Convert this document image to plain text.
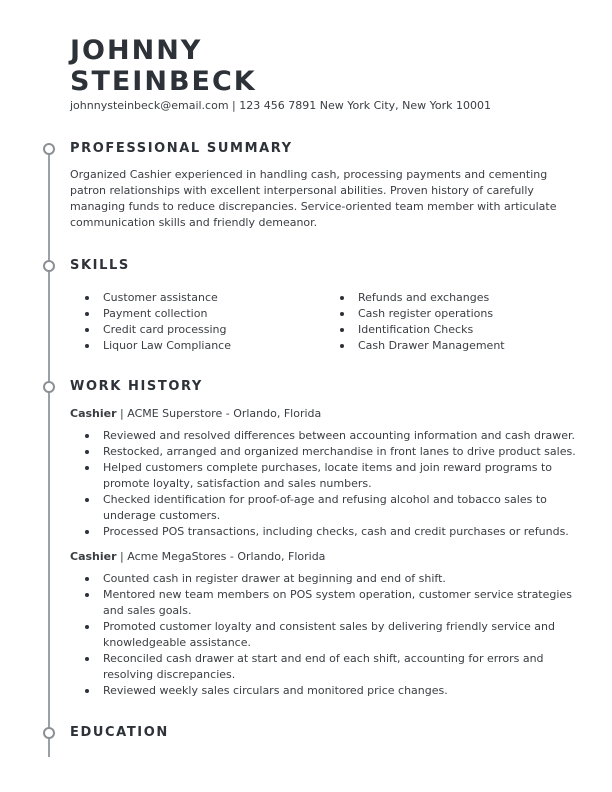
JOHNNY
STEINBECK
johnnysteinbeck@email.com | 123 456 7891 New York City, New York 10001
PROFESSIONAL SUMMARY
Organized Cashier experienced in handling cash, processing payments and cementing patron relationships with excellent interpersonal abilities. Proven history of carefully managing funds to reduce discrepancies. Service-oriented team member with articulate communication skills and friendly demeanor.
SKILLS
Customer assistance
Payment collection
Credit card processing
Liquor Law Compliance
Refunds and exchanges
Cash register operations
Identification Checks
Cash Drawer Management
WORK HISTORY
Cashier | ACME Superstore - Orlando, Florida
Reviewed and resolved differences between accounting information and cash drawer.
Restocked, arranged and organized merchandise in front lanes to drive product sales.
Helped customers complete purchases, locate items and join reward programs to promote loyalty, satisfaction and sales numbers.
Checked identification for proof-of-age and refusing alcohol and tobacco sales to underage customers.
Processed POS transactions, including checks, cash and credit purchases or refunds.
Cashier | Acme MegaStores - Orlando, Florida
Counted cash in register drawer at beginning and end of shift.
Mentored new team members on POS system operation, customer service strategies and sales goals.
Promoted customer loyalty and consistent sales by delivering friendly service and knowledgeable assistance.
Reconciled cash drawer at start and end of each shift, accounting for errors and resolving discrepancies.
Reviewed weekly sales circulars and monitored price changes.
EDUCATION
